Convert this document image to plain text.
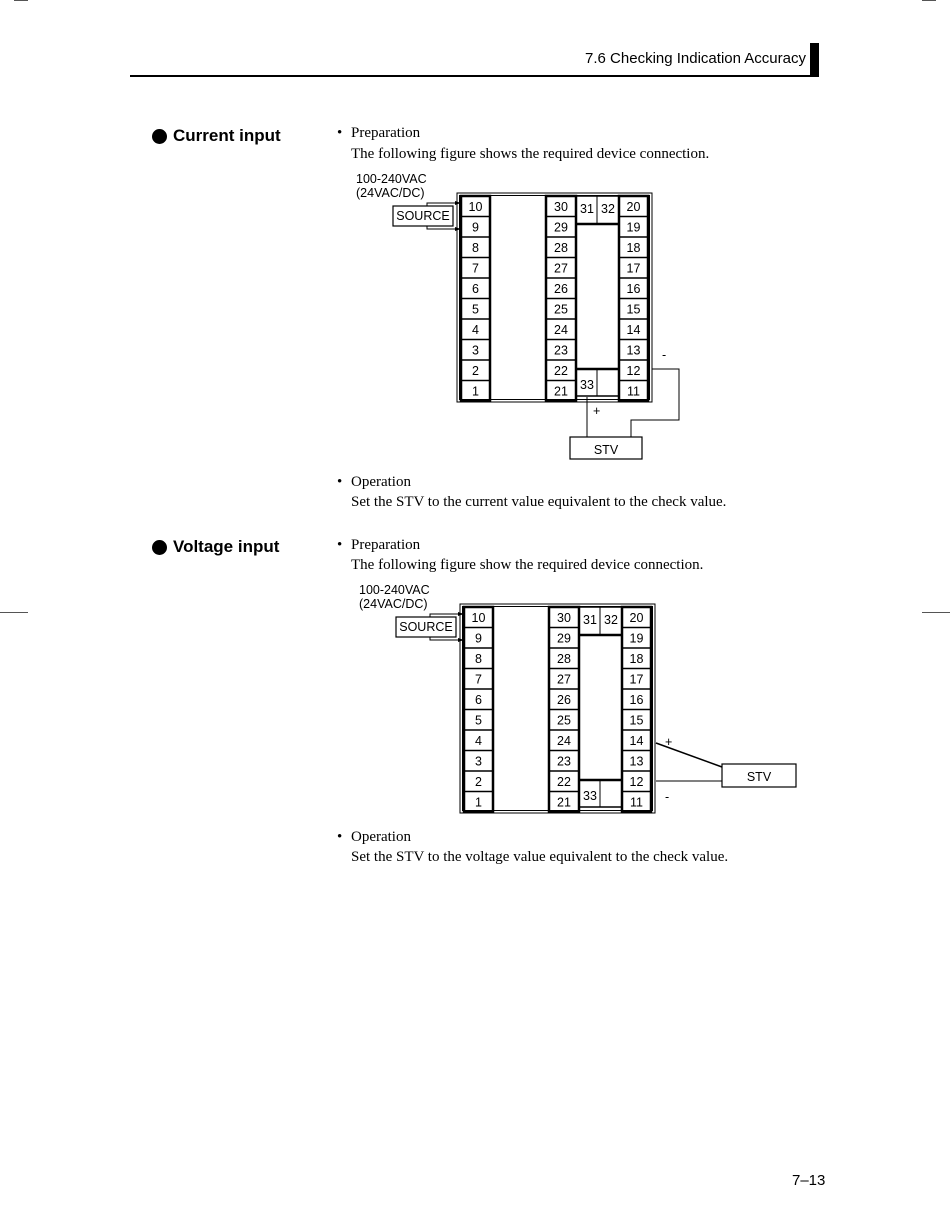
7.6 Checking Indication Accuracy
Current input	• Preparation
The following figure shows the required device connection.
10
9
8
7
6
5
4
3
2
1
30
29
28
27
26
25
24
23
22
21
20
19
18
17
16
15
14
13
12
11
31 32
33
100-240VAC
(24VAC/DC)
SOURCE
STV
+
-
• Operation
Set the STV to the current value equivalent to the check value.
Voltage input	• Preparation
The following figure show the required device connection.
10
9
8
7
6
5
4
3
2
1
30
29
28
27
26
25
24
23
22
21
20
19
18
17
16
15
14
13
12
11
31 32
33
100-240VAC
(24VAC/DC)
SOURCE
STV
+
-
• Operation
Set the STV to the voltage value equivalent to the check value.
7–13
